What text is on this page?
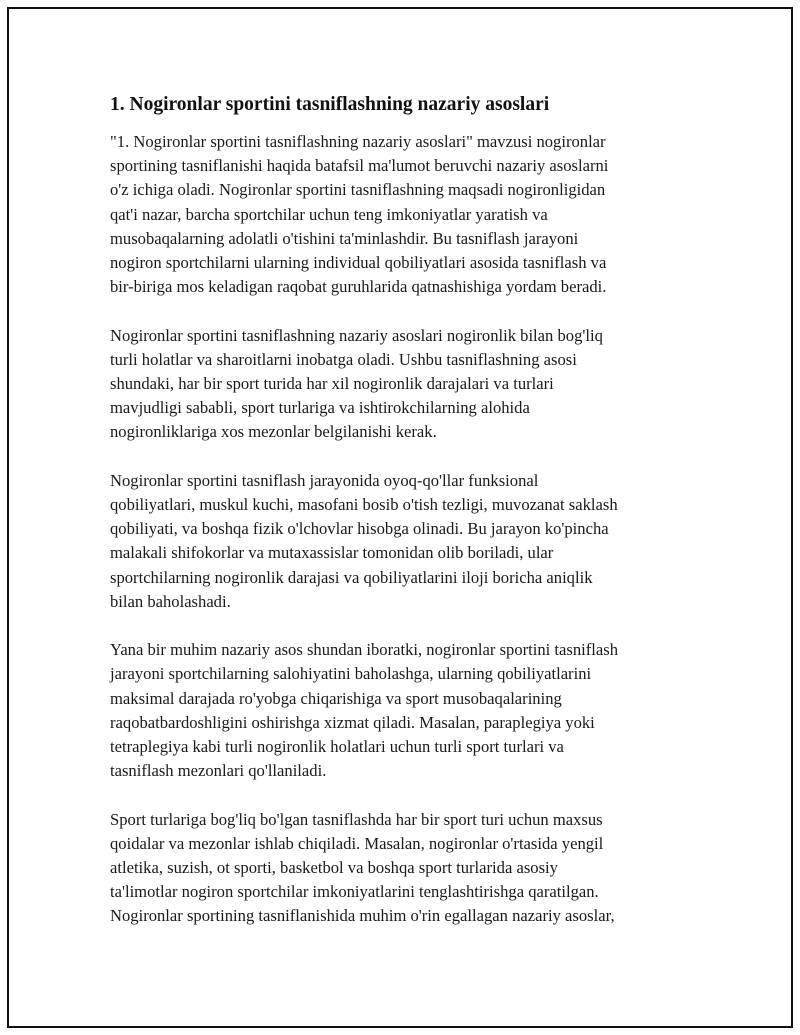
1. Nogironlar sportini tasniflashning nazariy asoslari

"1. Nogironlar sportini tasniflashning nazariy asoslari" mavzusi nogironlar
sportining tasniflanishi haqida batafsil ma'lumot beruvchi nazariy asoslarni
o'z ichiga oladi. Nogironlar sportini tasniflashning maqsadi nogironligidan
qat'i nazar, barcha sportchilar uchun teng imkoniyatlar yaratish va
musobaqalarning adolatli o'tishini ta'minlashdir. Bu tasniflash jarayoni
nogiron sportchilarni ularning individual qobiliyatlari asosida tasniflash va
bir-biriga mos keladigan raqobat guruhlarida qatnashishiga yordam beradi.

Nogironlar sportini tasniflashning nazariy asoslari nogironlik bilan bog'liq
turli holatlar va sharoitlarni inobatga oladi. Ushbu tasniflashning asosi
shundaki, har bir sport turida har xil nogironlik darajalari va turlari
mavjudligi sababli, sport turlariga va ishtirokchilarning alohida
nogironliklariga xos mezonlar belgilanishi kerak.

Nogironlar sportini tasniflash jarayonida oyoq-qo'llar funksional
qobiliyatlari, muskul kuchi, masofani bosib o'tish tezligi, muvozanat saklash
qobiliyati, va boshqa fizik o'lchovlar hisobga olinadi. Bu jarayon ko'pincha
malakali shifokorlar va mutaxassislar tomonidan olib boriladi, ular
sportchilarning nogironlik darajasi va qobiliyatlarini iloji boricha aniqlik
bilan baholashadi.

Yana bir muhim nazariy asos shundan iboratki, nogironlar sportini tasniflash
jarayoni sportchilarning salohiyatini baholashga, ularning qobiliyatlarini
maksimal darajada ro'yobga chiqarishiga va sport musobaqalarining
raqobatbardoshligini oshirishga xizmat qiladi. Masalan, paraplegiya yoki
tetraplegiya kabi turli nogironlik holatlari uchun turli sport turlari va
tasniflash mezonlari qo'llaniladi.

Sport turlariga bog'liq bo'lgan tasniflashda har bir sport turi uchun maxsus
qoidalar va mezonlar ishlab chiqiladi. Masalan, nogironlar o'rtasida yengil
atletika, suzish, ot sporti, basketbol va boshqa sport turlarida asosiy
ta'limotlar nogiron sportchilar imkoniyatlarini tenglashtirishga qaratilgan.
Nogironlar sportining tasniflanishida muhim o'rin egallagan nazariy asoslar,
